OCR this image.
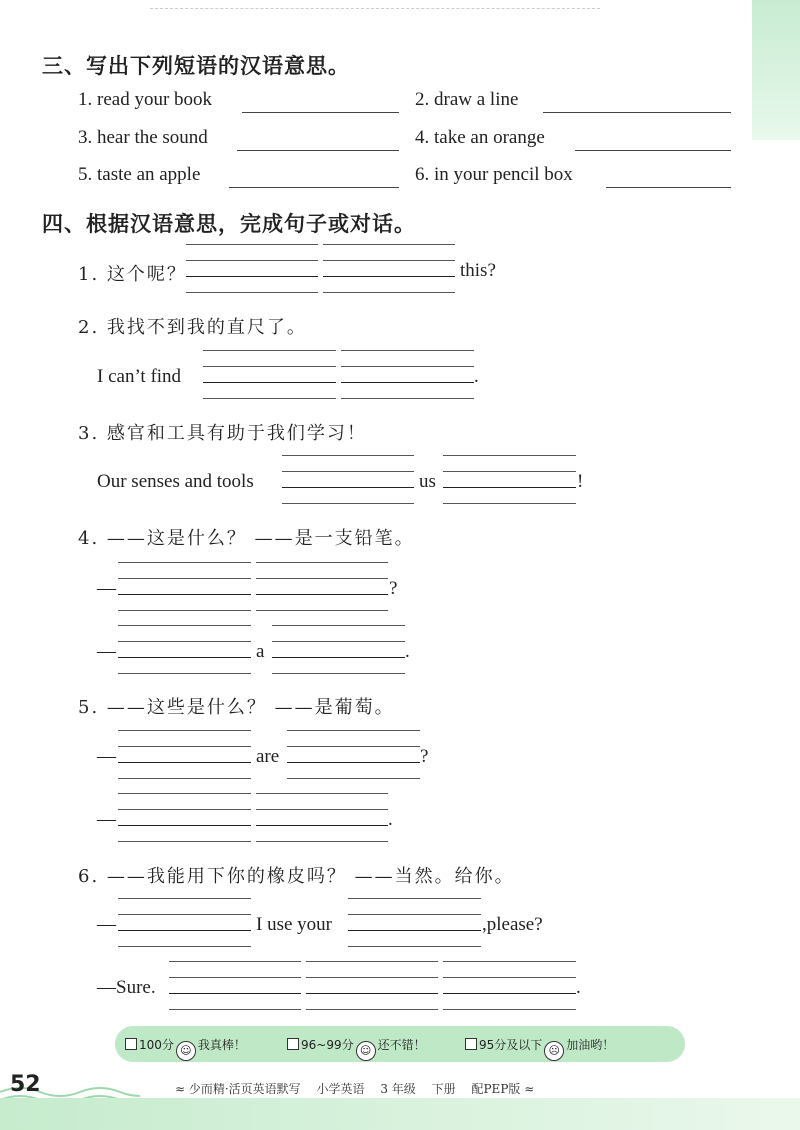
三、写出下列短语的汉语意思。
1. read your book	2. draw a line
3. hear the sound	4. take an orange
5. taste an apple	6. in your pencil box
四、根据汉语意思，完成句子或对话。
1. 这个呢？	this?
2. 我找不到我的直尺了。
I can’t find	.
3. 感官和工具有助于我们学习！
Our senses and tools	us	!
4. ——这是什么？ ——是一支铅笔。
—	?
—	a	.
5. ——这些是什么？ ——是葡萄。
—	are	?
—	.
6. ——我能用下你的橡皮吗？ ——当然。给你。
—	I use your	,please?
—Sure.	.
100分 ☺ 我真棒！	96~99分 ☺ 还不错！	95分及以下 ☹ 加油哟！
52	≈ 少而精·活页英语默写 小学英语 3 年级 下册 配PEP版 ≈
